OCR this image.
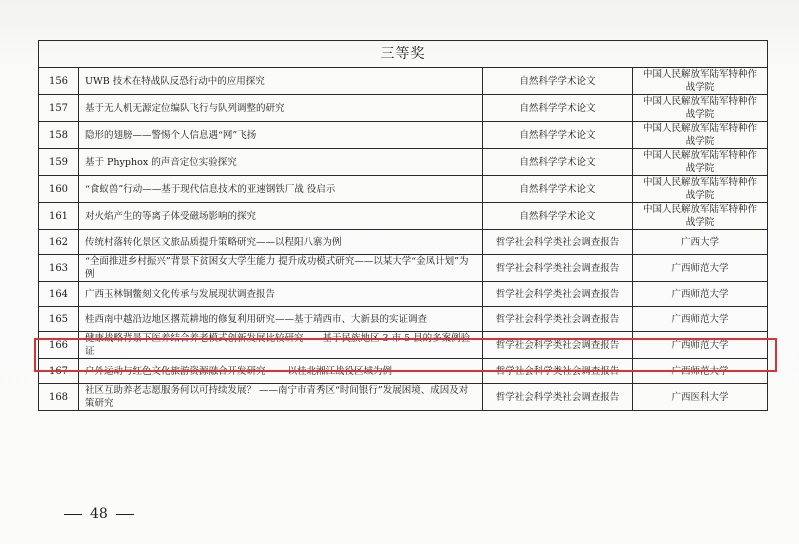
三等奖			
156	UWB 技术在特战队反恐行动中的应用探究	自然科学学术论文	中国人民解放军陆军特种作战学院
157	基于无人机无源定位编队飞行与队列调整的研究	自然科学学术论文	中国人民解放军陆军特种作战学院
158	隐形的翅膀——警惕个人信息遇“网”飞扬	自然科学学术论文	中国人民解放军陆军特种作战学院
159	基于 Phyphox 的声音定位实验探究	自然科学学术论文	中国人民解放军陆军特种作战学院
160	“食蚁兽”行动——基于现代信息技术的亚速钢铁厂战 役启示	自然科学学术论文	中国人民解放军陆军特种作战学院
161	对火焰产生的等离子体受磁场影响的探究	自然科学学术论文	中国人民解放军陆军特种作战学院
162	传统村落转化景区文旅品质提升策略研究——以程阳八寨为例	哲学社会科学类社会调查报告	广西大学
163	“全面推进乡村振兴”背景下贫困女大学生能力 提升成功模式研究——以某大学“金凤计划”为例	哲学社会科学类社会调查报告	广西师范大学
164	广西玉林铜鳖刻文化传承与发展现状调查报告	哲学社会科学类社会调查报告	广西师范大学
165	桂西南中越沿边地区撂荒耕地的修复利用研究——基于靖西市、大新县的实证调查	哲学社会科学类社会调查报告	广西师范大学
166	健康战略背景下医养结合养老模式创新发展比较研究——基于民族地区 3 市 5 县的多案例验证	哲学社会科学类社会调查报告	广西师范大学
167	户外运动与红色文化旅游资源融合开发研究 ——以桂北湘江战役区域为例	哲学社会科学类社会调查报告	广西师范大学
168	社区互助养老志愿服务何以可持续发展？ ——南宁市青秀区“时间银行”发展困境、成因及对策研究	哲学社会科学类社会调查报告	广西医科大学
48
